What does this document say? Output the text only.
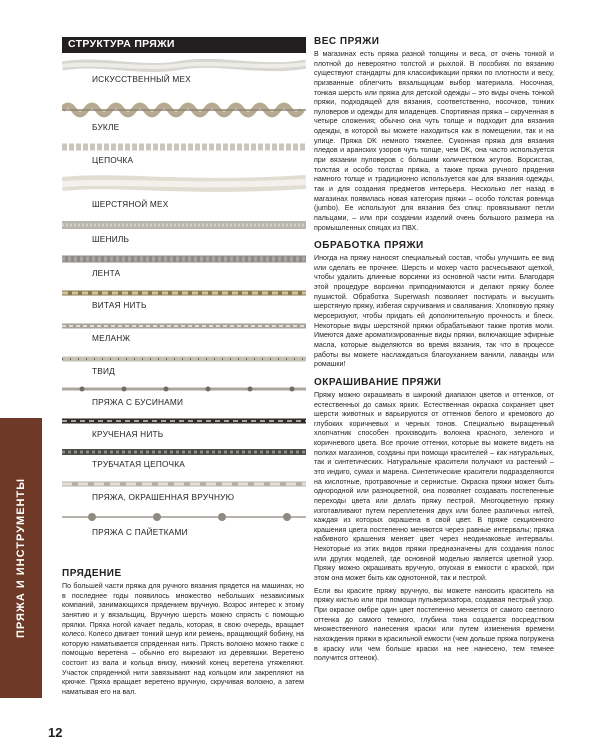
ПРЯЖА И ИНСТРУМЕНТЫ
12
СТРУКТУРА ПРЯЖИ
ИСКУССТВЕННЫЙ МЕХ
БУКЛЕ
ЦЕПОЧКА
ШЕРСТЯНОЙ МЕХ
ШЕНИЛЬ
ЛЕНТА
ВИТАЯ НИТЬ
МЕЛАНЖ
ТВИД
ПРЯЖА С БУСИНАМИ
КРУЧЕНАЯ НИТЬ
ТРУБЧАТАЯ ЦЕПОЧКА
ПРЯЖА, ОКРАШЕННАЯ ВРУЧНУЮ
ПРЯЖА С ПАЙЕТКАМИ
ПРЯДЕНИЕ

По большей части пряжа для ручного вязания прядется на машинах, но в последнее годы появилось множество небольших независимых компаний, занимающихся прядением вручную. Возрос интерес к этому занятию и у вязальщиц. Вручную шерсть можно спрясть с помощью прялки. Пряха ногой качает педаль, которая, в свою очередь, вращает колесо. Колесо двигает тонкий шнур или ремень, вращающий бобину, на которую наматывается спряденная нить. Прясть волокно можно также с помощью веретена – обычно его вырезают из деревяшки. Веретено состоит из вала и кольца внизу, нижний конец веретена утяжеляют. Участок спряденной нити завязывают над кольцом или закрепляют на крючке. Пряха вращает веретено вручную, скручивая волокно, а затем наматывая его на вал.

ВЕС ПРЯЖИ

В магазинах есть пряжа разной толщины и веса, от очень тонкой и плотной до невероятно толстой и рыхлой. В пособиях по вязанию существуют стандарты для классификации пряжи по плотности и весу, призванные облегчить вязальщицам выбор материала. Носочная, тонкая шерсть или пряжа для детской одежды – это виды очень тонкой пряжи, подходящей для вязания, соответственно, носочков, тонких пуловеров и одежды для младенцев. Спортивная пряжа – скрученная в четыре сложения; обычно она чуть толще и подходит для вязания одежды, в которой вы можете находиться как в помещении, так и на улице. Пряжа DK немного тяжелее. Суконная пряжа для вязания пледов и аранских узоров чуть толще, чем DK, она часто используется при вязании пуловеров с большим количеством жгутов. Ворсистая, толстая и особо толстая пряжа, а также пряжа ручного прядения намного толще и традиционно используется как для вязания одежды, так и для создания предметов интерьера. Несколько лет назад в магазинах появилась новая категория пряжи – особо толстая ровница (jumbo). Ее используют для вязания без спиц: провязывают петли пальцами, – или при создании изделий очень большого размера на промышленных спицах из ПВХ.

ОБРАБОТКА ПРЯЖИ

Иногда на пряжу наносят специальный состав, чтобы улучшить ее вид или сделать ее прочнее. Шерсть и мохер часто расчесывают щеткой, чтобы удалить длинные ворсинки из основной части нити. Благодаря этой процедуре ворсинки приподнимаются и делают пряжу более пушистой. Обработка Superwash позволяет постирать и высушить шерстяную пряжу, избегая скручивания и свалявания. Хлопковую пряжу мерсеризуют, чтобы придать ей дополнительную прочность и блеск. Некоторые виды шерстяной пряжи обрабатывают также против моли. Имеются даже ароматизированные виды пряжи, включающие эфирные масла, которые выделяются во время вязания, так что в процессе работы вы можете наслаждаться благоуханием ванили, лаванды или ромашки!

ОКРАШИВАНИЕ ПРЯЖИ

Пряжу можно окрашивать в широкий диапазон цветов и оттенков, от естественных до самых ярких. Естественная окраска сохраняет цвет шерсти животных и варьируются от оттенков белого и кремового до глубоких коричневых и черных тонов. Специально выращенный хлопчатник способен производить волокна красного, зеленого и коричневого цвета. Все прочие оттенки, которые вы можете видеть на полках магазинов, созданы при помощи красителей – как натуральных, так и синтетических. Натуральные красители получают из растений – это индиго, сумах и марена. Синтетические красители подразделяются на кислотные, протравочные и сернистые. Окраска пряжи может быть однородной или разноцветной, она позволяет создавать постепенные переходы цвета или делать пряжу пестрой. Многоцветную пряжу изготавливают путем переплетения двух или более различных нитей, каждая из которых окрашена в свой цвет. В пряже секционного крашения цвета постепенно меняются через равные интервалы; пряжа набивного крашения меняет цвет через неодинаковые интервалы. Некоторые из этих видов пряжи предназначены для создания полос или других моделей, где основной моделью является цветной узор. Пряжу можно окрашивать вручную, опуская в емкости с краской, при этом она может быть как однотонной, так и пестрой.

Если вы красите пряжу вручную, вы можете наносить краситель на пряжу кистью или при помощи пульверизатора, создавая пестрый узор. При окраске омбре один цвет постепенно меняется от самого светлого оттенка до самого темного, глубина тона создается посредством множественного нанесения краски или путем изменения времени нахождения пряжи в красильной емкости (чем дольше пряжа погружена в краску или чем больше краски на нее нанесено, тем темнее получится оттенок).
